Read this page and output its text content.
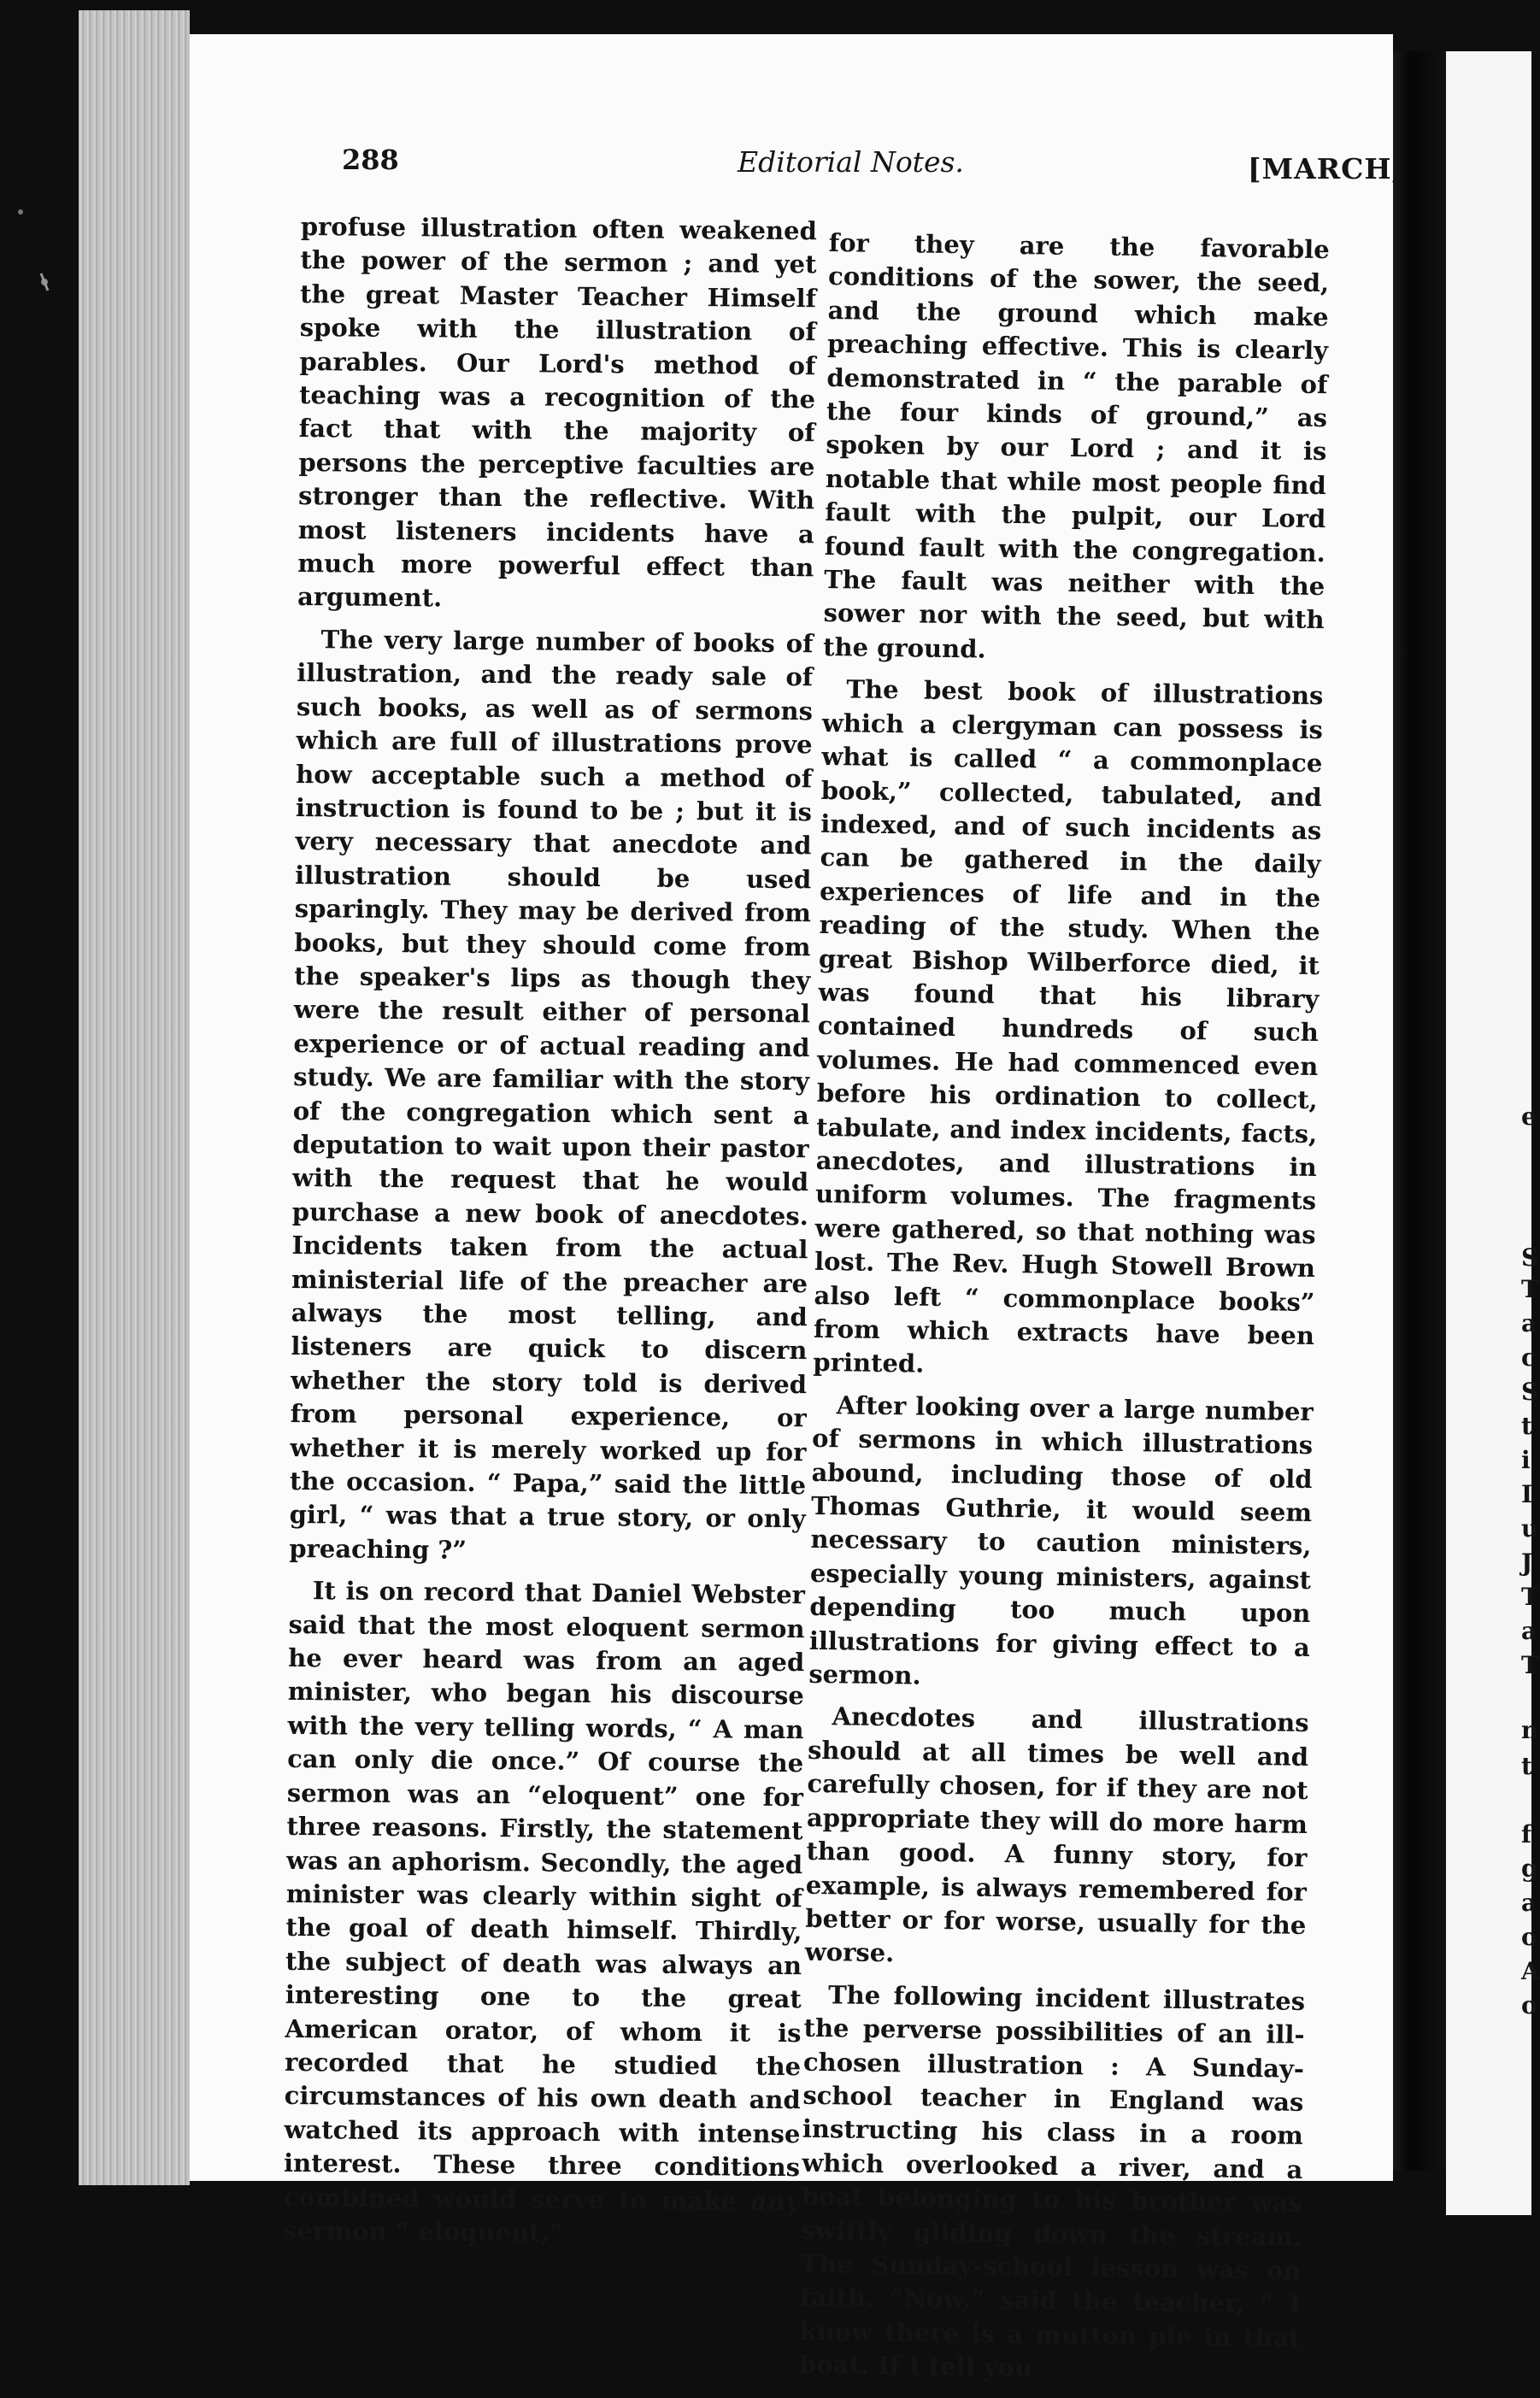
288	Editorial Notes.	[MARCH,

profuse illustration often weakened the power of the sermon ; and yet the great Master Teacher Himself spoke with the illustration of parables. Our Lord's method of teaching was a recognition of the fact that with the majority of persons the perceptive faculties are stronger than the reflective. With most listeners incidents have a much more powerful effect than argument.

The very large number of books of illustration, and the ready sale of such books, as well as of sermons which are full of illustrations prove how acceptable such a method of instruction is found to be ; but it is very necessary that anecdote and illustration should be used sparingly. They may be derived from books, but they should come from the speaker's lips as though they were the result either of personal experience or of actual reading and study. We are familiar with the story of the congregation which sent a deputation to wait upon their pastor with the request that he would purchase a new book of anecdotes. Incidents taken from the actual ministerial life of the preacher are always the most telling, and listeners are quick to discern whether the story told is derived from personal experience, or whether it is merely worked up for the occasion. “ Papa,” said the little girl, “ was that a true story, or only preaching ?”

It is on record that Daniel Webster said that the most eloquent sermon he ever heard was from an aged minister, who began his discourse with the very telling words, “ A man can only die once.” Of course the sermon was an “eloquent” one for three reasons. Firstly, the statement was an aphorism. Secondly, the aged minister was clearly within sight of the goal of death himself. Thirdly, the subject of death was always an interesting one to the great American orator, of whom it is recorded that he studied the circumstances of his own death and watched its approach with intense interest. These three conditions combined would serve to make any sermon “ eloquent,”

for they are the favorable conditions of the sower, the seed, and the ground which make preaching effective. This is clearly demonstrated in “ the parable of the four kinds of ground,” as spoken by our Lord ; and it is notable that while most people find fault with the pulpit, our Lord found fault with the congregation. The fault was neither with the sower nor with the seed, but with the ground.

The best book of illustrations which a clergyman can possess is what is called “ a commonplace book,” collected, tabulated, and indexed, and of such incidents as can be gathered in the daily experiences of life and in the reading of the study. When the great Bishop Wilberforce died, it was found that his library contained hundreds of such volumes. He had commenced even before his ordination to collect, tabulate, and index incidents, facts, anecdotes, and illustrations in uniform volumes. The fragments were gathered, so that nothing was lost. The Rev. Hugh Stowell Brown also left “ commonplace books” from which extracts have been printed.

After looking over a large number of sermons in which illustrations abound, including those of old Thomas Guthrie, it would seem necessary to caution ministers, especially young ministers, against depending too much upon illustrations for giving effect to a sermon.

Anecdotes and illustrations should at all times be well and carefully chosen, for if they are not appropriate they will do more harm than good. A funny story, for example, is always remembered for better or for worse, usually for the worse.

The following incident illustrates the perverse possibilities of an ill-chosen illustration : A Sunday-school teacher in England was instructing his class in a room which overlooked a river, and a boat belonging to his brother was swiftly gliding down the stream. The Sunday-school lesson was on faith. “Now,” said the teacher, “ I know there is a mutton pie in that boat. If I tell you

e
S
T
a
c
S
t
i
I
u
J
T
a
T
n
t
f
g
a
o
A
o
